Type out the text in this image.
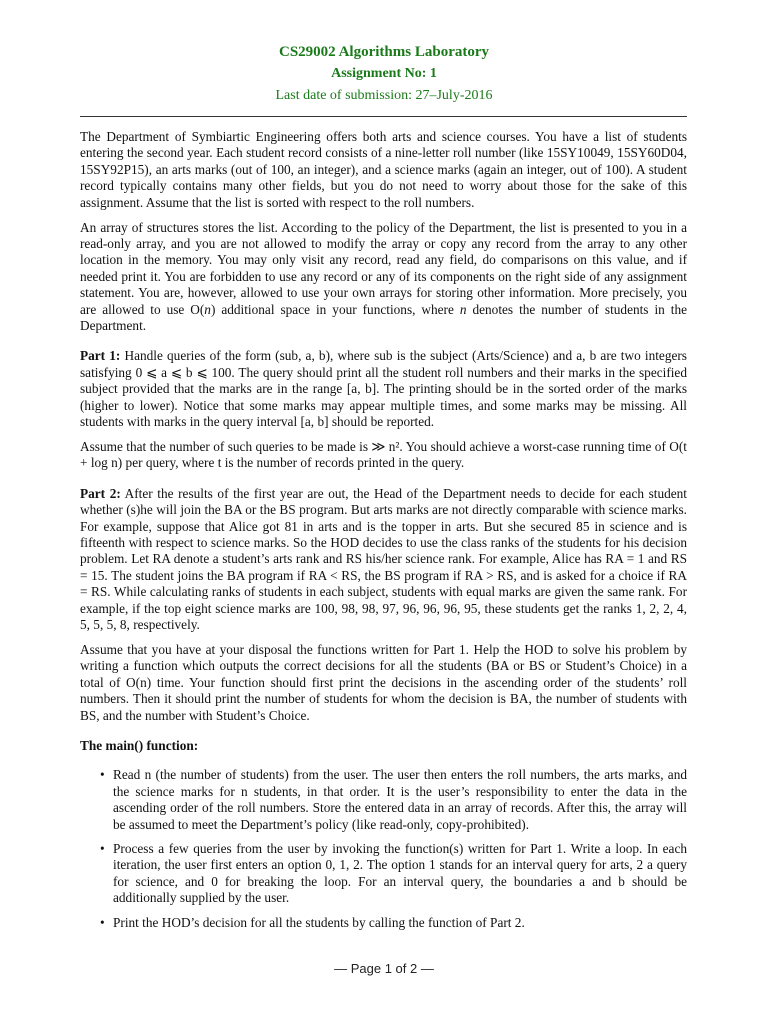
CS29002 Algorithms Laboratory
Assignment No: 1
Last date of submission: 27–July-2016

The Department of Symbiartic Engineering offers both arts and science courses. You have a list of students entering the second year. Each student record consists of a nine-letter roll number (like 15SY10049, 15SY60D04, 15SY92P15), an arts marks (out of 100, an integer), and a science marks (again an integer, out of 100). A student record typically contains many other fields, but you do not need to worry about those for the sake of this assignment. Assume that the list is sorted with respect to the roll numbers.

An array of structures stores the list. According to the policy of the Department, the list is presented to you in a read-only array, and you are not allowed to modify the array or copy any record from the array to any other location in the memory. You may only visit any record, read any field, do comparisons on this value, and if needed print it. You are forbidden to use any record or any of its components on the right side of any assignment statement. You are, however, allowed to use your own arrays for storing other information. More precisely, you are allowed to use O(n) additional space in your functions, where n denotes the number of students in the Department.

Part 1: Handle queries of the form (sub, a, b), where sub is the subject (Arts/Science) and a, b are two integers satisfying 0 ⩽ a ⩽ b ⩽ 100. The query should print all the student roll numbers and their marks in the specified subject provided that the marks are in the range [a, b]. The printing should be in the sorted order of the marks (higher to lower). Notice that some marks may appear multiple times, and some marks may be missing. All students with marks in the query interval [a, b] should be reported.

Assume that the number of such queries to be made is ≫ n². You should achieve a worst-case running time of O(t + log n) per query, where t is the number of records printed in the query.

Part 2: After the results of the first year are out, the Head of the Department needs to decide for each student whether (s)he will join the BA or the BS program. But arts marks are not directly comparable with science marks. For example, suppose that Alice got 81 in arts and is the topper in arts. But she secured 85 in science and is fifteenth with respect to science marks. So the HOD decides to use the class ranks of the students for his decision problem. Let RA denote a student’s arts rank and RS his/her science rank. For example, Alice has RA = 1 and RS = 15. The student joins the BA program if RA < RS, the BS program if RA > RS, and is asked for a choice if RA = RS. While calculating ranks of students in each subject, students with equal marks are given the same rank. For example, if the top eight science marks are 100, 98, 98, 97, 96, 96, 96, 95, these students get the ranks 1, 2, 2, 4, 5, 5, 5, 8, respectively.

Assume that you have at your disposal the functions written for Part 1. Help the HOD to solve his problem by writing a function which outputs the correct decisions for all the students (BA or BS or Student’s Choice) in a total of O(n) time. Your function should first print the decisions in the ascending order of the students’ roll numbers. Then it should print the number of students for whom the decision is BA, the number of students with BS, and the number with Student’s Choice.

The main() function:
• Read n (the number of students) from the user. The user then enters the roll numbers, the arts marks, and the science marks for n students, in that order. It is the user’s responsibility to enter the data in the ascending order of the roll numbers. Store the entered data in an array of records. After this, the array will be assumed to meet the Department’s policy (like read-only, copy-prohibited).
• Process a few queries from the user by invoking the function(s) written for Part 1. Write a loop. In each iteration, the user first enters an option 0, 1, 2. The option 1 stands for an interval query for arts, 2 a query for science, and 0 for breaking the loop. For an interval query, the boundaries a and b should be additionally supplied by the user.
• Print the HOD’s decision for all the students by calling the function of Part 2.
— Page 1 of 2 —
